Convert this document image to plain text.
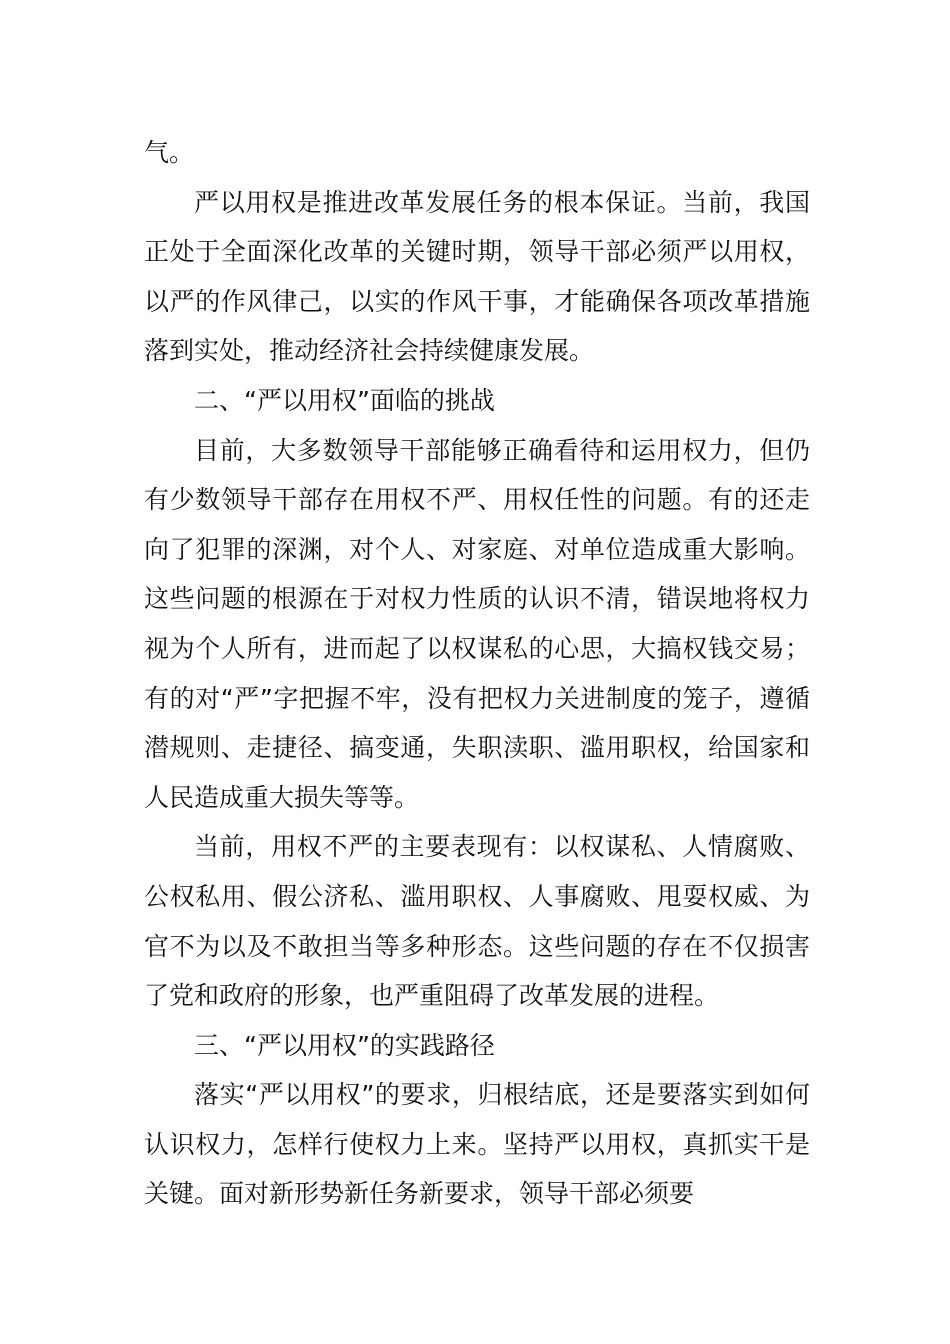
气。

严以用权是推进改革发展任务的根本保证。当前，我国正处于全面深化改革的关键时期，领导干部必须严以用权，以严的作风律己，以实的作风干事，才能确保各项改革措施落到实处，推动经济社会持续健康发展。

二、“严以用权”面临的挑战

目前，大多数领导干部能够正确看待和运用权力，但仍有少数领导干部存在用权不严、用权任性的问题。有的还走向了犯罪的深渊，对个人、对家庭、对单位造成重大影响。这些问题的根源在于对权力性质的认识不清，错误地将权力视为个人所有，进而起了以权谋私的心思，大搞权钱交易；有的对“严”字把握不牢，没有把权力关进制度的笼子，遵循潜规则、走捷径、搞变通，失职渎职、滥用职权，给国家和人民造成重大损失等等。

当前，用权不严的主要表现有：以权谋私、人情腐败、公权私用、假公济私、滥用职权、人事腐败、甩耍权威、为官不为以及不敢担当等多种形态。这些问题的存在不仅损害了党和政府的形象，也严重阻碍了改革发展的进程。

三、“严以用权”的实践路径

落实“严以用权”的要求，归根结底，还是要落实到如何认识权力，怎样行使权力上来。坚持严以用权，真抓实干是关键。面对新形势新任务新要求，领导干部必须要
